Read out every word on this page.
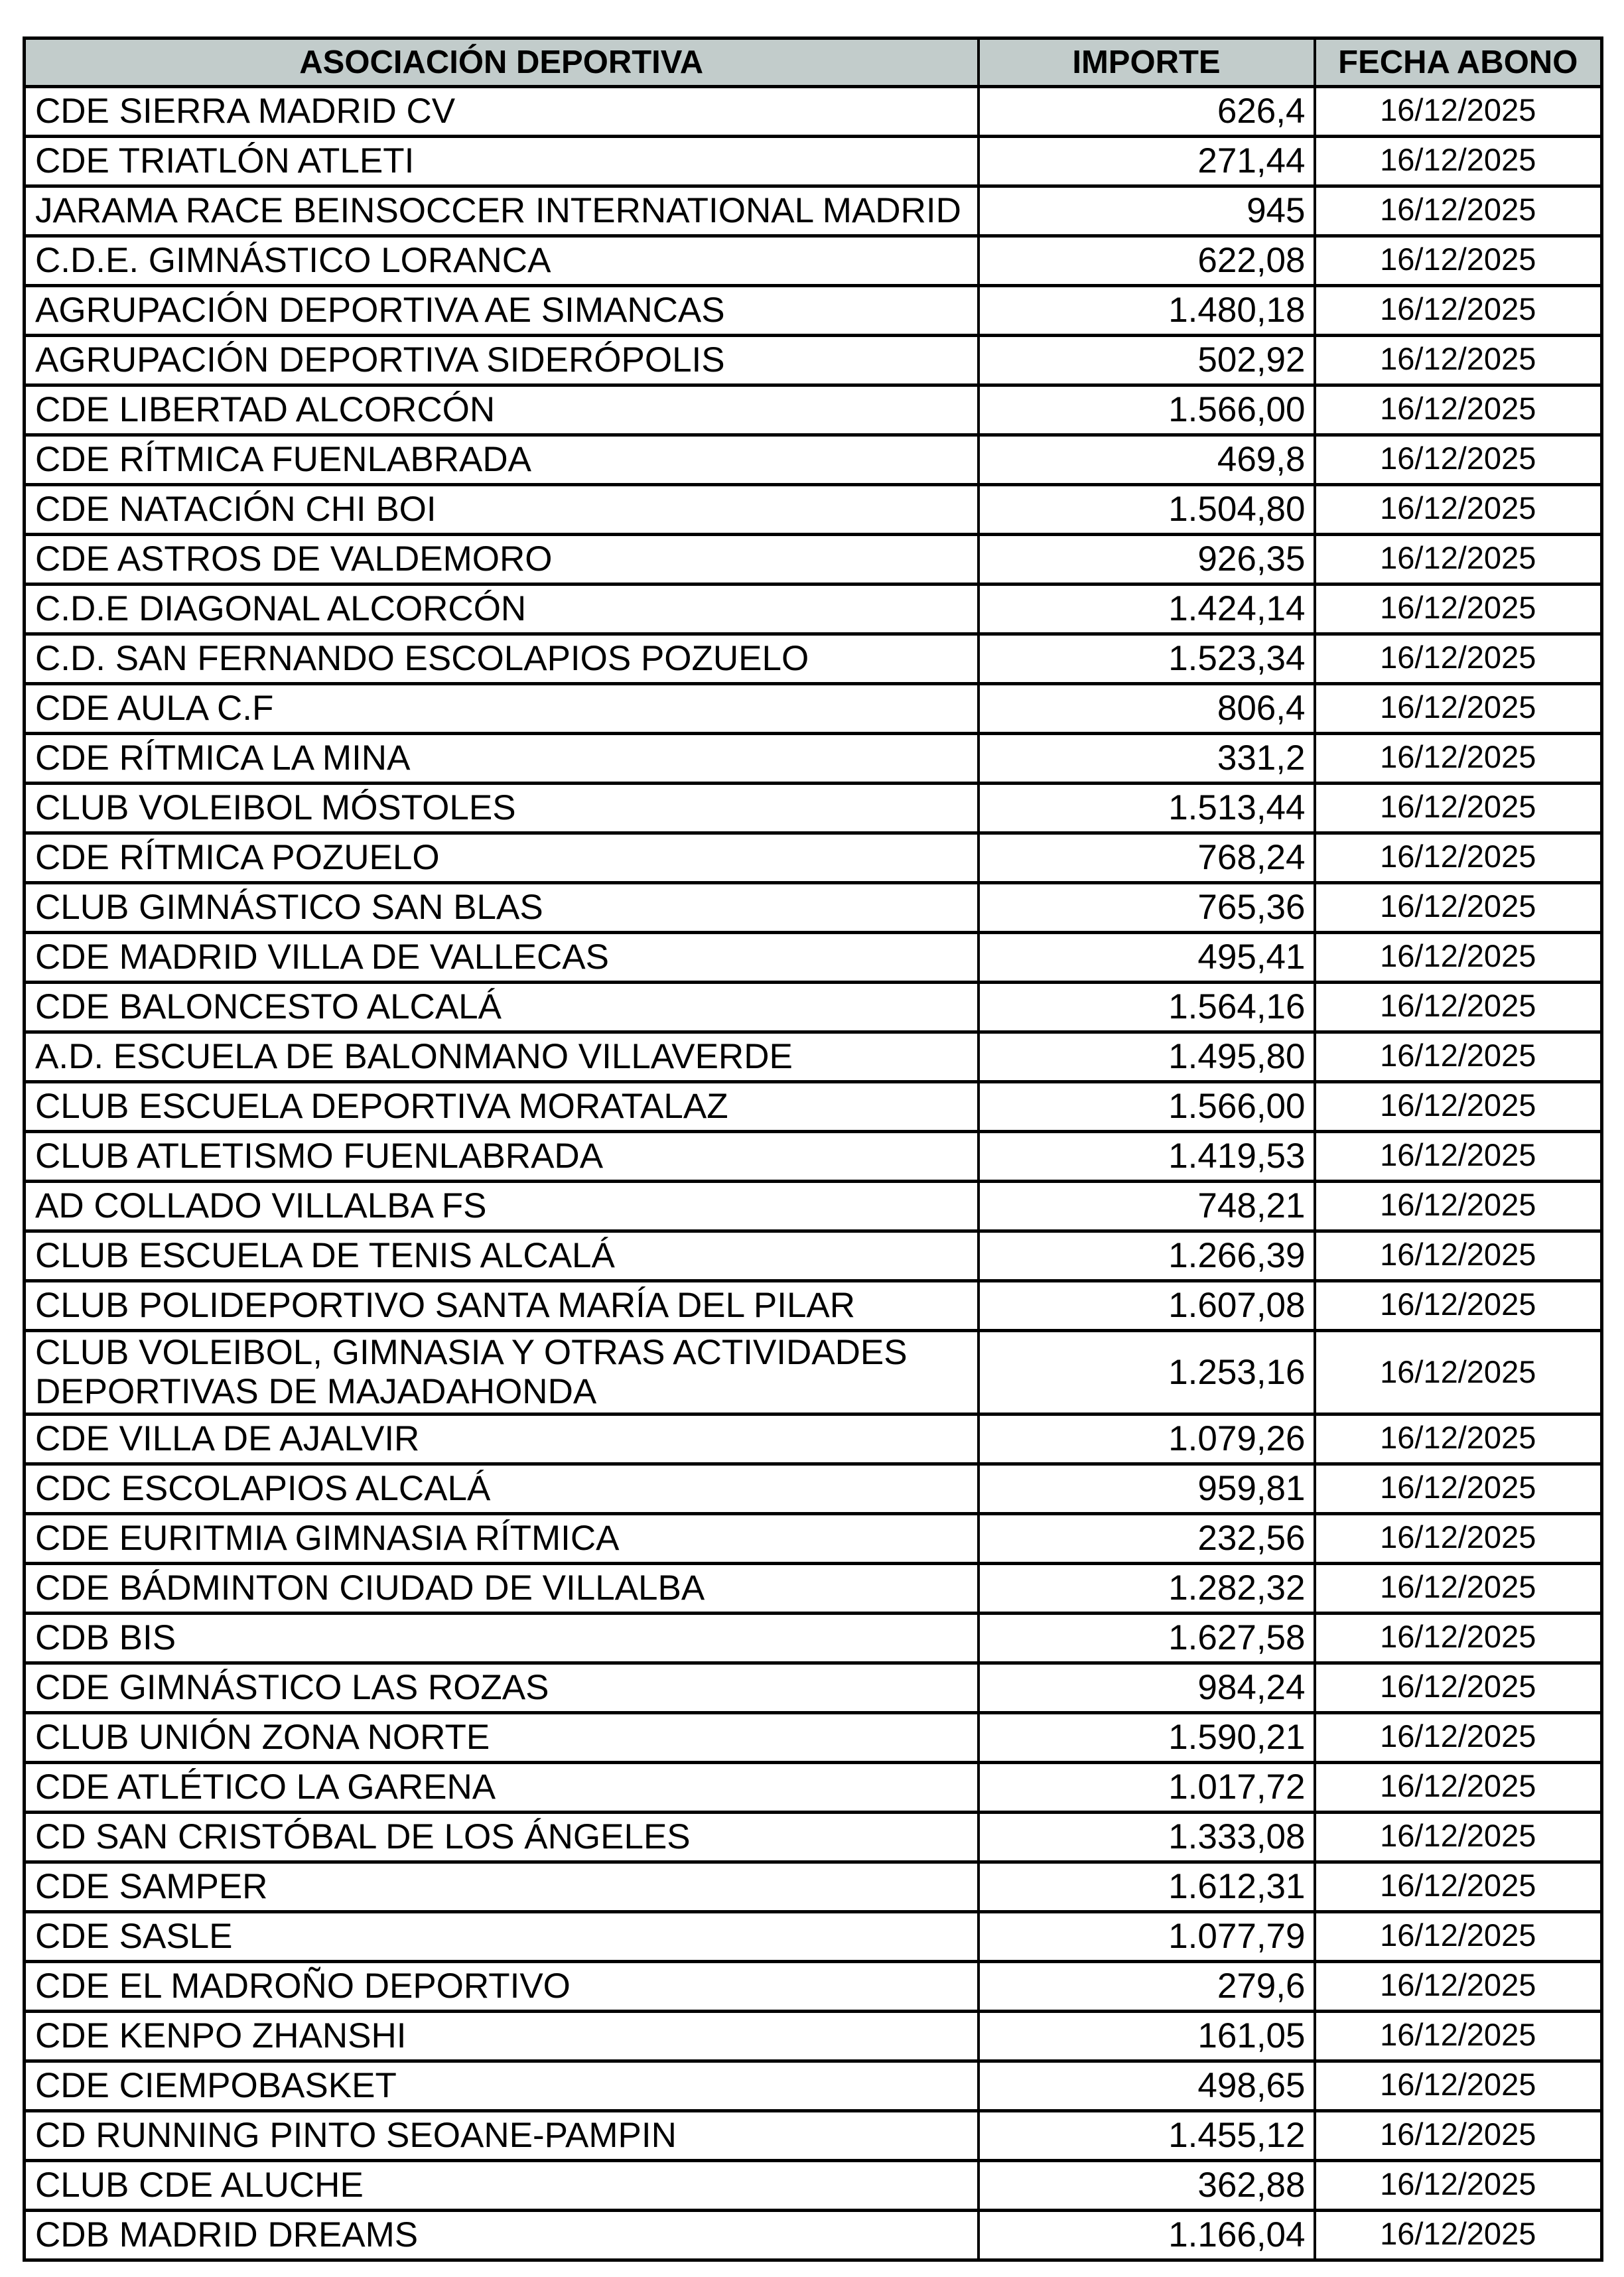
ASOCIACIÓN DEPORTIVA	IMPORTE	FECHA ABONO
CDE SIERRA MADRID CV	626,4	16/12/2025
CDE TRIATLÓN ATLETI	271,44	16/12/2025
JARAMA RACE BEINSOCCER INTERNATIONAL MADRID	945	16/12/2025
C.D.E. GIMNÁSTICO LORANCA	622,08	16/12/2025
AGRUPACIÓN DEPORTIVA AE SIMANCAS	1.480,18	16/12/2025
AGRUPACIÓN DEPORTIVA SIDERÓPOLIS	502,92	16/12/2025
CDE LIBERTAD ALCORCÓN	1.566,00	16/12/2025
CDE RÍTMICA FUENLABRADA	469,8	16/12/2025
CDE NATACIÓN CHI BOI	1.504,80	16/12/2025
CDE ASTROS DE VALDEMORO	926,35	16/12/2025
C.D.E DIAGONAL ALCORCÓN	1.424,14	16/12/2025
C.D. SAN FERNANDO ESCOLAPIOS POZUELO	1.523,34	16/12/2025
CDE AULA C.F	806,4	16/12/2025
CDE RÍTMICA LA MINA	331,2	16/12/2025
CLUB VOLEIBOL MÓSTOLES	1.513,44	16/12/2025
CDE RÍTMICA POZUELO	768,24	16/12/2025
CLUB GIMNÁSTICO SAN BLAS	765,36	16/12/2025
CDE MADRID VILLA DE VALLECAS	495,41	16/12/2025
CDE BALONCESTO ALCALÁ	1.564,16	16/12/2025
A.D. ESCUELA DE BALONMANO VILLAVERDE	1.495,80	16/12/2025
CLUB ESCUELA DEPORTIVA MORATALAZ	1.566,00	16/12/2025
CLUB ATLETISMO FUENLABRADA	1.419,53	16/12/2025
AD COLLADO VILLALBA FS	748,21	16/12/2025
CLUB ESCUELA DE TENIS ALCALÁ	1.266,39	16/12/2025
CLUB POLIDEPORTIVO SANTA MARÍA DEL PILAR	1.607,08	16/12/2025
CLUB VOLEIBOL, GIMNASIA Y OTRAS ACTIVIDADES DEPORTIVAS DE MAJADAHONDA	1.253,16	16/12/2025
CDE VILLA DE AJALVIR	1.079,26	16/12/2025
CDC ESCOLAPIOS ALCALÁ	959,81	16/12/2025
CDE EURITMIA GIMNASIA RÍTMICA	232,56	16/12/2025
CDE BÁDMINTON CIUDAD DE VILLALBA	1.282,32	16/12/2025
CDB BIS	1.627,58	16/12/2025
CDE GIMNÁSTICO LAS ROZAS	984,24	16/12/2025
CLUB UNIÓN ZONA NORTE	1.590,21	16/12/2025
CDE ATLÉTICO LA GARENA	1.017,72	16/12/2025
CD SAN CRISTÓBAL DE LOS ÁNGELES	1.333,08	16/12/2025
CDE SAMPER	1.612,31	16/12/2025
CDE SASLE	1.077,79	16/12/2025
CDE EL MADROÑO DEPORTIVO	279,6	16/12/2025
CDE KENPO ZHANSHI	161,05	16/12/2025
CDE CIEMPOBASKET	498,65	16/12/2025
CD RUNNING PINTO SEOANE-PAMPIN	1.455,12	16/12/2025
CLUB CDE ALUCHE	362,88	16/12/2025
CDB MADRID DREAMS	1.166,04	16/12/2025
